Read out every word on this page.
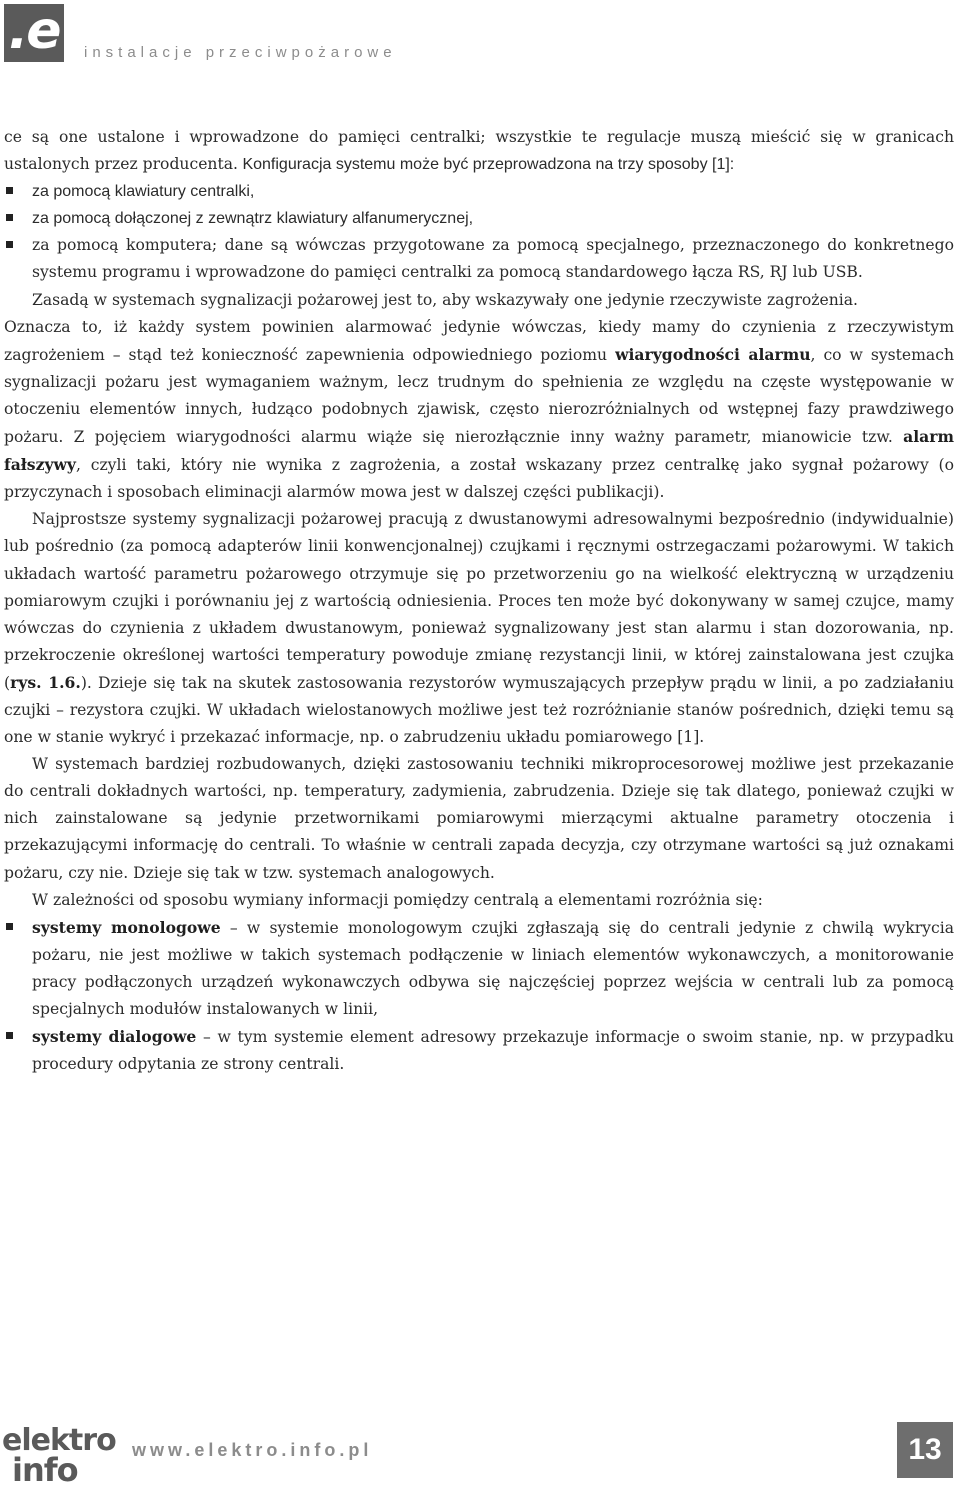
.e instalacje przeciwpożarowe

ce są one ustalone i wprowadzone do pamięci centralki; wszystkie te regulacje muszą mieścić się w granicach ustalonych przez producenta. Konfiguracja systemu może być przeprowadzona na trzy sposoby [1]:

za pomocą klawiatury centralki,
za pomocą dołączonej z zewnątrz klawiatury alfanumerycznej,
za pomocą komputera; dane są wówczas przygotowane za pomocą specjalnego, przeznaczonego do konkretnego systemu programu i wprowadzone do pamięci centralki za pomocą standardowego łącza RS, RJ lub USB.

Zasadą w systemach sygnalizacji pożarowej jest to, aby wskazywały one jedynie rzeczywiste zagrożenia.

Oznacza to, iż każdy system powinien alarmować jedynie wówczas, kiedy mamy do czynienia z rzeczywistym zagrożeniem – stąd też konieczność zapewnienia odpowiedniego poziomu wiarygodności alarmu, co w systemach sygnalizacji pożaru jest wymaganiem ważnym, lecz trudnym do spełnienia ze względu na częste występowanie w otoczeniu elementów innych, łudząco podobnych zjawisk, często nierozróżnialnych od wstępnej fazy prawdziwego pożaru. Z pojęciem wiarygodności alarmu wiąże się nierozłącznie inny ważny parametr, mianowicie tzw. alarm fałszywy, czyli taki, który nie wynika z zagrożenia, a został wskazany przez centralkę jako sygnał pożarowy (o przyczynach i sposobach eliminacji alarmów mowa jest w dalszej części publikacji).

Najprostsze systemy sygnalizacji pożarowej pracują z dwustanowymi adresowalnymi bezpośrednio (indywidualnie) lub pośrednio (za pomocą adapterów linii konwencjonalnej) czujkami i ręcznymi ostrzegaczami pożarowymi. W takich układach wartość parametru pożarowego otrzymuje się po przetworzeniu go na wielkość elektryczną w urządzeniu pomiarowym czujki i porównaniu jej z wartością odniesienia. Proces ten może być dokonywany w samej czujce, mamy wówczas do czynienia z układem dwustanowym, ponieważ sygnalizowany jest stan alarmu i stan dozorowania, np. przekroczenie określonej wartości temperatury powoduje zmianę rezystancji linii, w której zainstalowana jest czujka (rys. 1.6.). Dzieje się tak na skutek zastosowania rezystorów wymuszających przepływ prądu w linii, a po zadziałaniu czujki – rezystora czujki. W układach wielostanowych możliwe jest też rozróżnianie stanów pośrednich, dzięki temu są one w stanie wykryć i przekazać informacje, np. o zabrudzeniu układu pomiarowego [1].

W systemach bardziej rozbudowanych, dzięki zastosowaniu techniki mikroprocesorowej możliwe jest przekazanie do centrali dokładnych wartości, np. temperatury, zadymienia, zabrudzenia. Dzieje się tak dlatego, ponieważ czujki w nich zainstalowane są jedynie przetwornikami pomiarowymi mierzącymi aktualne parametry otoczenia i przekazującymi informację do centrali. To właśnie w centrali zapada decyzja, czy otrzymane wartości są już oznakami pożaru, czy nie. Dzieje się tak w tzw. systemach analogowych.

W zależności od sposobu wymiany informacji pomiędzy centralą a elementami rozróżnia się:

systemy monologowe – w systemie monologowym czujki zgłaszają się do centrali jedynie z chwilą wykrycia pożaru, nie jest możliwe w takich systemach podłączenie w liniach elementów wykonawczych, a monitorowanie pracy podłączonych urządzeń wykonawczych odbywa się najczęściej poprzez wejścia w centrali lub za pomocą specjalnych modułów instalowanych w linii,
systemy dialogowe – w tym systemie element adresowy przekazuje informacje o swoim stanie, np. w przypadku procedury odpytania ze strony centrali.
elektro
info
www.elektro.info.pl	13
